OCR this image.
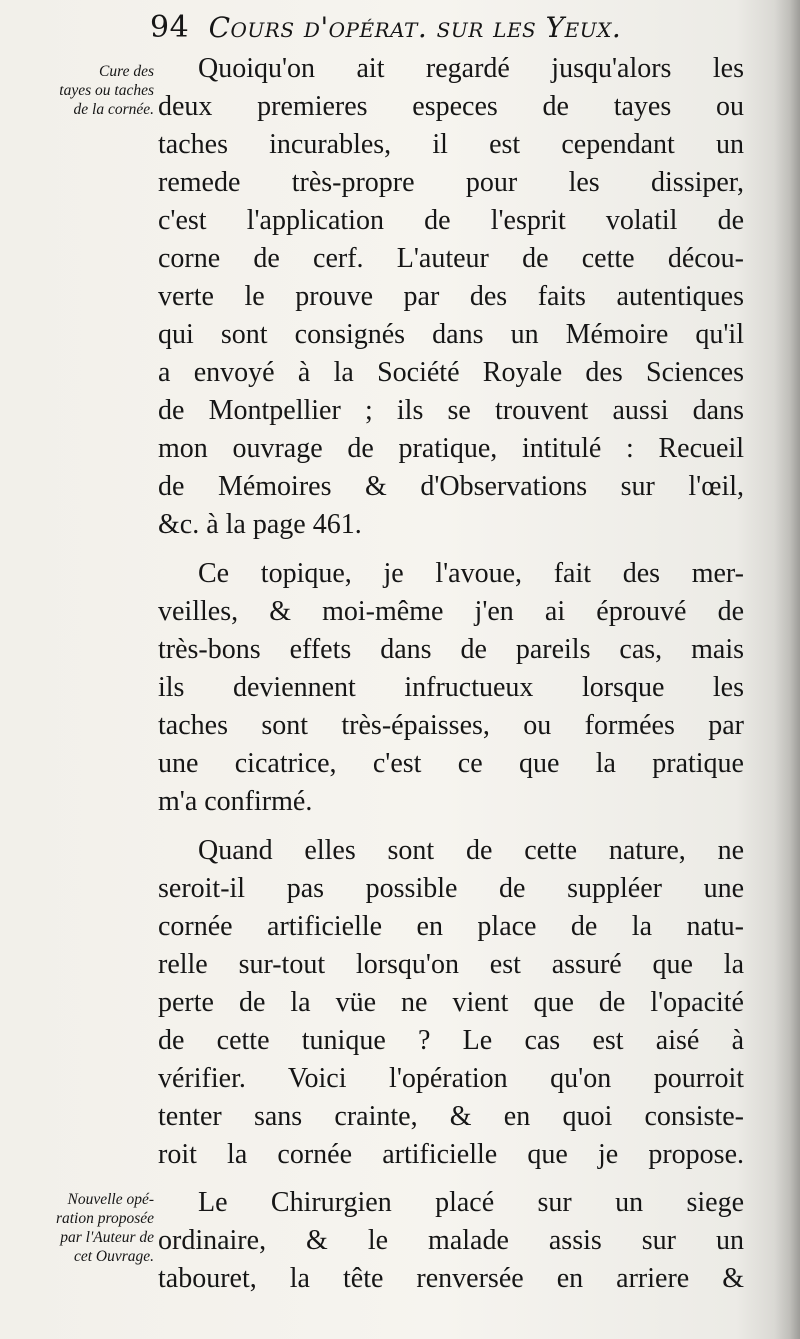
94 Cours d'opérat. sur les Yeux.
Cure des
tayes ou taches
de la cornée.
Nouvelle opé-
ration proposée
par l'Auteur de
cet Ouvrage.
Quoiqu'on ait regardé jusqu'alors les
deux premieres especes de tayes ou
taches incurables, il est cependant un
remede très-propre pour les dissiper,
c'est l'application de l'esprit volatil de
corne de cerf. L'auteur de cette décou-
verte le prouve par des faits autentiques
qui sont consignés dans un Mémoire qu'il
a envoyé à la Société Royale des Sciences
de Montpellier ; ils se trouvent aussi dans
mon ouvrage de pratique, intitulé : Recueil
de Mémoires & d'Observations sur l'œil,
&c. à la page 461.
Ce topique, je l'avoue, fait des mer-
veilles, & moi-même j'en ai éprouvé de
très-bons effets dans de pareils cas, mais
ils deviennent infructueux lorsque les
taches sont très-épaisses, ou formées par
une cicatrice, c'est ce que la pratique
m'a confirmé.
Quand elles sont de cette nature, ne
seroit-il pas possible de suppléer une
cornée artificielle en place de la natu-
relle sur-tout lorsqu'on est assuré que la
perte de la vüe ne vient que de l'opacité
de cette tunique ? Le cas est aisé à
vérifier. Voici l'opération qu'on pourroit
tenter sans crainte, & en quoi consiste-
roit la cornée artificielle que je propose.
Le Chirurgien placé sur un siege
ordinaire, & le malade assis sur un
tabouret, la tête renversée en arriere &
